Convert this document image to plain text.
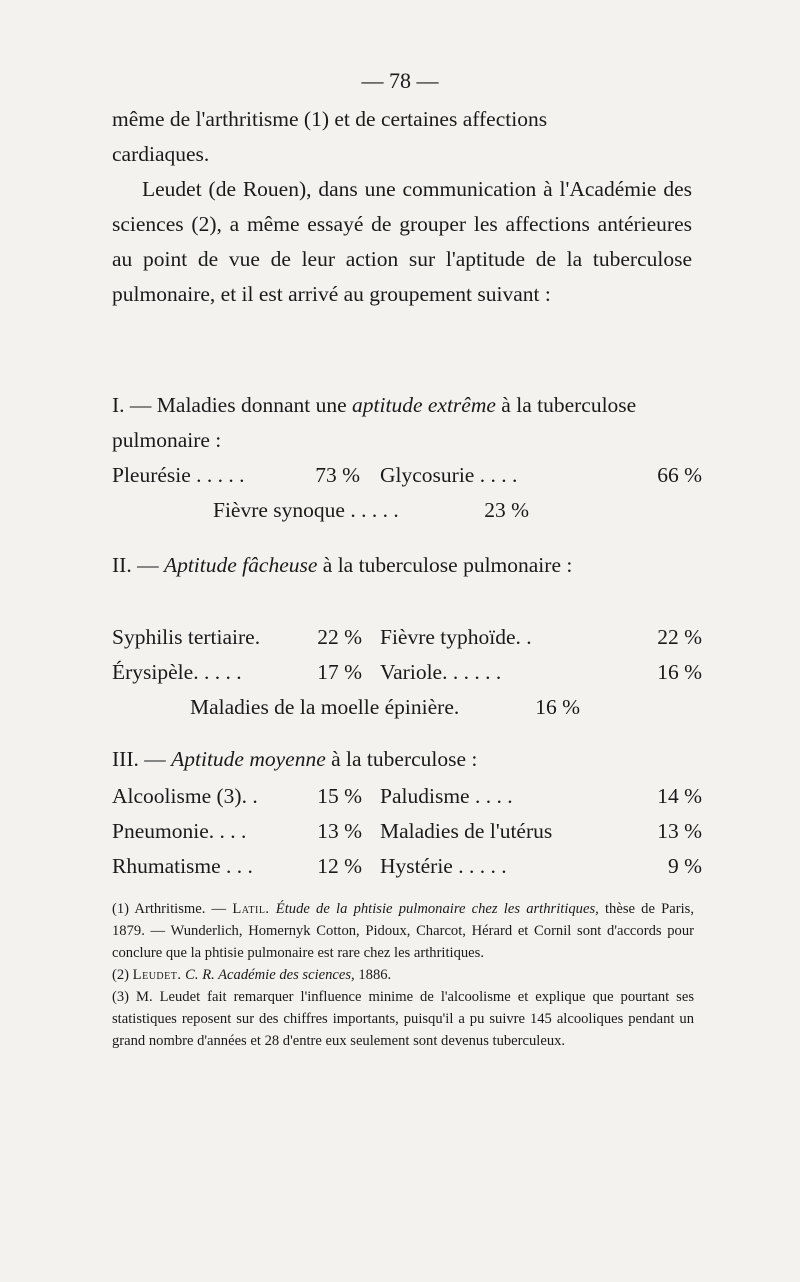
— 78 —

même de l'arthritisme (1) et de certaines affections

cardiaques.

Leudet (de Rouen), dans une communication à l'Académie des sciences (2), a même essayé de grouper les affections antérieures au point de vue de leur action sur l'aptitude de la tuberculose pulmonaire, et il est arrivé au groupement suivant :

I. — Maladies donnant une aptitude extrême à la tuberculose pulmonaire :

Pleurésie . . . . .	73 % Glycosurie . . . .	66 %
Fièvre synoque . . . . .	23 %

II. — Aptitude fâcheuse à la tuberculose pulmonaire :

Syphilis tertiaire.	22 % Fièvre typhoïde. .	22 %
Érysipèle. . . . .	17 % Variole. . . . . .	16 %
Maladies de la moelle épinière.	16 %

III. — Aptitude moyenne à la tuberculose :

Alcoolisme (3). .	15 % Paludisme . . . .	14 %
Pneumonie. . . .	13 % Maladies de l'utérus	13 %
Rhumatisme . . .	12 % Hystérie . . . . .	9 %

(1) Arthritisme. — Latil. Étude de la phtisie pulmonaire chez les arthritiques, thèse de Paris, 1879. — Wunderlich, Homernyk Cotton, Pidoux, Charcot, Hérard et Cornil sont d'accords pour conclure que la phtisie pulmonaire est rare chez les arthritiques.

(2) Leudet. C. R. Académie des sciences, 1886.

(3) M. Leudet fait remarquer l'influence minime de l'alcoolisme et explique que pourtant ses statistiques reposent sur des chiffres importants, puisqu'il a pu suivre 145 alcooliques pendant un grand nombre d'années et 28 d'entre eux seulement sont devenus tuberculeux.
